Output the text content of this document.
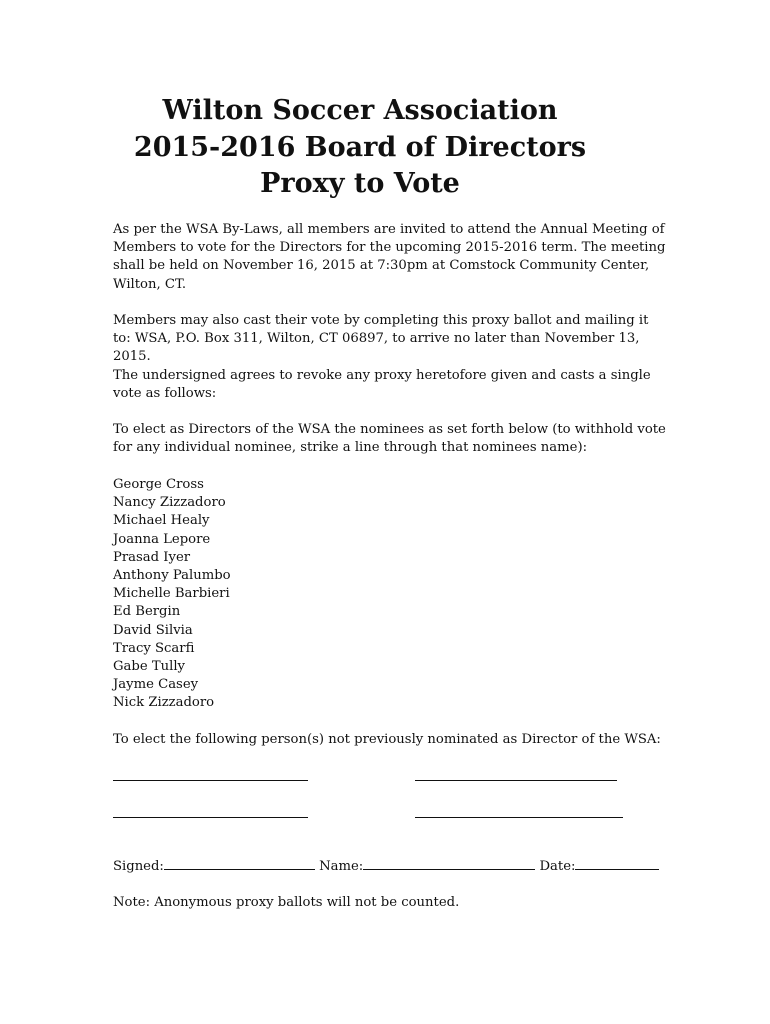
Wilton Soccer Association
2015-2016 Board of Directors
Proxy to Vote

As per the WSA By-Laws, all members are invited to attend the Annual Meeting of Members to vote for the Directors for the upcoming 2015-2016 term. The meeting shall be held on November 16, 2015 at 7:30pm at Comstock Community Center, Wilton, CT.

Members may also cast their vote by completing this proxy ballot and mailing it to: WSA, P.O. Box 311, Wilton, CT 06897, to arrive no later than November 13, 2015.

The undersigned agrees to revoke any proxy heretofore given and casts a single vote as follows:

To elect as Directors of the WSA the nominees as set forth below (to withhold vote for any individual nominee, strike a line through that nominees name):

George Cross
Nancy Zizzadoro
Michael Healy
Joanna Lepore
Prasad Iyer
Anthony Palumbo
Michelle Barbieri
Ed Bergin
David Silvia
Tracy Scarfi
Gabe Tully
Jayme Casey
Nick Zizzadoro

To elect the following person(s) not previously nominated as Director of the WSA:

Signed:	Name:	Date:

Note: Anonymous proxy ballots will not be counted.
